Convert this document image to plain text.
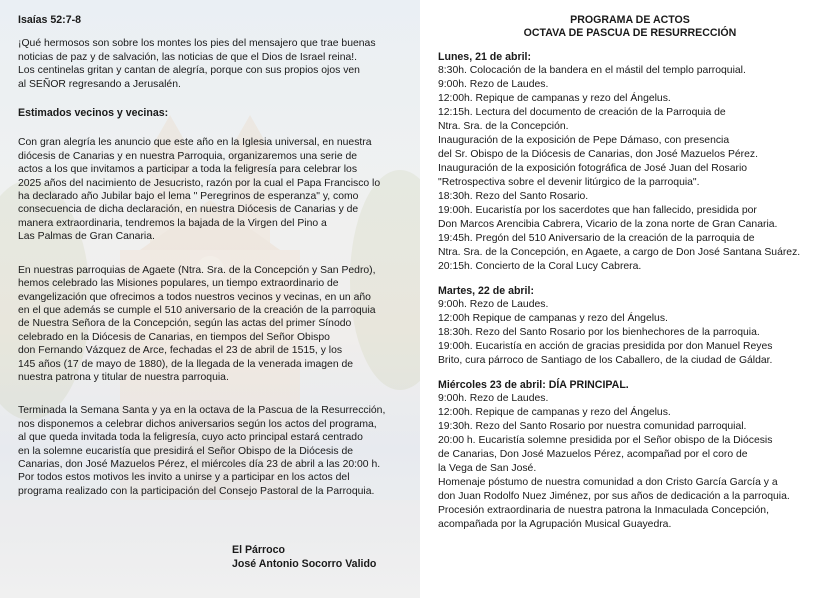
Isaías 52:7-8

¡Qué hermosos son sobre los montes los pies del mensajero que trae buenas

noticias de paz y de salvación, las noticias de que el Dios de Israel reina!.

Los centinelas gritan y cantan de alegría, porque con sus propios ojos ven

al SEÑOR regresando a Jerusalén.

Estimados vecinos y vecinas:

Con gran alegría les anuncio que este año en la Iglesia universal, en nuestra

diócesis de Canarias y en nuestra Parroquia, organizaremos una serie de

actos a los que invitamos a participar a toda la feligresía para celebrar los

2025 años del nacimiento de Jesucristo, razón por la cual el Papa Francisco lo

ha declarado año Jubilar bajo el lema " Peregrinos de esperanza" y, como

consecuencia de dicha declaración, en nuestra Diócesis de Canarias y de

manera extraordinaria, tendremos la bajada de la Virgen del Pino a

Las Palmas de Gran Canaria.

En nuestras parroquias de Agaete (Ntra. Sra. de la Concepción y San Pedro),

hemos celebrado las Misiones populares, un tiempo extraordinario de

evangelización que ofrecimos a todos nuestros vecinos y vecinas, en un año

en el que además se cumple el 510 aniversario de la creación de la parroquia

de Nuestra Señora de la Concepción, según las actas del primer Sínodo

celebrado en la Diócesis de Canarias, en tiempos del Señor Obispo

don Fernando Vázquez de Arce, fechadas el 23 de abril de 1515, y los

145 años (17 de mayo de 1880), de la llegada de la venerada imagen de

nuestra patrona y titular de nuestra parroquia.

Terminada la Semana Santa y ya en la octava de la Pascua de la Resurrección,

nos disponemos a celebrar dichos aniversarios según los actos del programa,

al que queda invitada toda la feligresía, cuyo acto principal estará centrado

en la solemne eucaristía que presidirá el Señor Obispo de la Diócesis de

Canarias, don José Mazuelos Pérez, el miércoles día 23 de abril a las 20:00 h.

Por todos estos motivos les invito a unirse y a participar en los actos del

programa realizado con la participación del Consejo Pastoral de la Parroquia.

El Párroco
José Antonio Socorro Valido
PROGRAMA DE ACTOS
OCTAVA DE PASCUA DE RESURRECCIÓN
Lunes, 21 de abril:
8:30h. Colocación de la bandera en el mástil del templo parroquial.
9:00h. Rezo de Laudes.
12:00h. Repique de campanas y rezo del Ángelus.
12:15h. Lectura del documento de creación de la Parroquia de
Ntra. Sra. de la Concepción.
Inauguración de la exposición de Pepe Dámaso, con presencia
del Sr. Obispo de la Diócesis de Canarias, don José Mazuelos Pérez.
Inauguración de la exposición fotográfica de José Juan del Rosario
"Retrospectiva sobre el devenir litúrgico de la parroquia".
18:30h. Rezo del Santo Rosario.
19:00h. Eucaristía por los sacerdotes que han fallecido, presidida por
Don Marcos Arencibia Cabrera, Vicario de la zona norte de Gran Canaria.
19:45h. Pregón del 510 Aniversario de la creación de la parroquia de
Ntra. Sra. de la Concepción, en Agaete, a cargo de Don José Santana Suárez.
20:15h. Concierto de la Coral Lucy Cabrera.
Martes, 22 de abril:
9:00h. Rezo de Laudes.
12:00h Repique de campanas y rezo del Ángelus.
18:30h. Rezo del Santo Rosario por los bienhechores de la parroquia.
19:00h. Eucaristía en acción de gracias presidida por don Manuel Reyes
Brito, cura párroco de Santiago de los Caballero, de la ciudad de Gáldar.
Miércoles 23 de abril: DÍA PRINCIPAL.
9:00h. Rezo de Laudes.
12:00h. Repique de campanas y rezo del Ángelus.
19:30h. Rezo del Santo Rosario por nuestra comunidad parroquial.
20:00 h. Eucaristía solemne presidida por el Señor obispo de la Diócesis
de Canarias, Don José Mazuelos Pérez, acompañad por el coro de
la Vega de San José.
Homenaje póstumo de nuestra comunidad a don Cristo García García y a
don Juan Rodolfo Nuez Jiménez, por sus años de dedicación a la parroquia.
Procesión extraordinaria de nuestra patrona la Inmaculada Concepción,
acompañada por la Agrupación Musical Guayedra.
